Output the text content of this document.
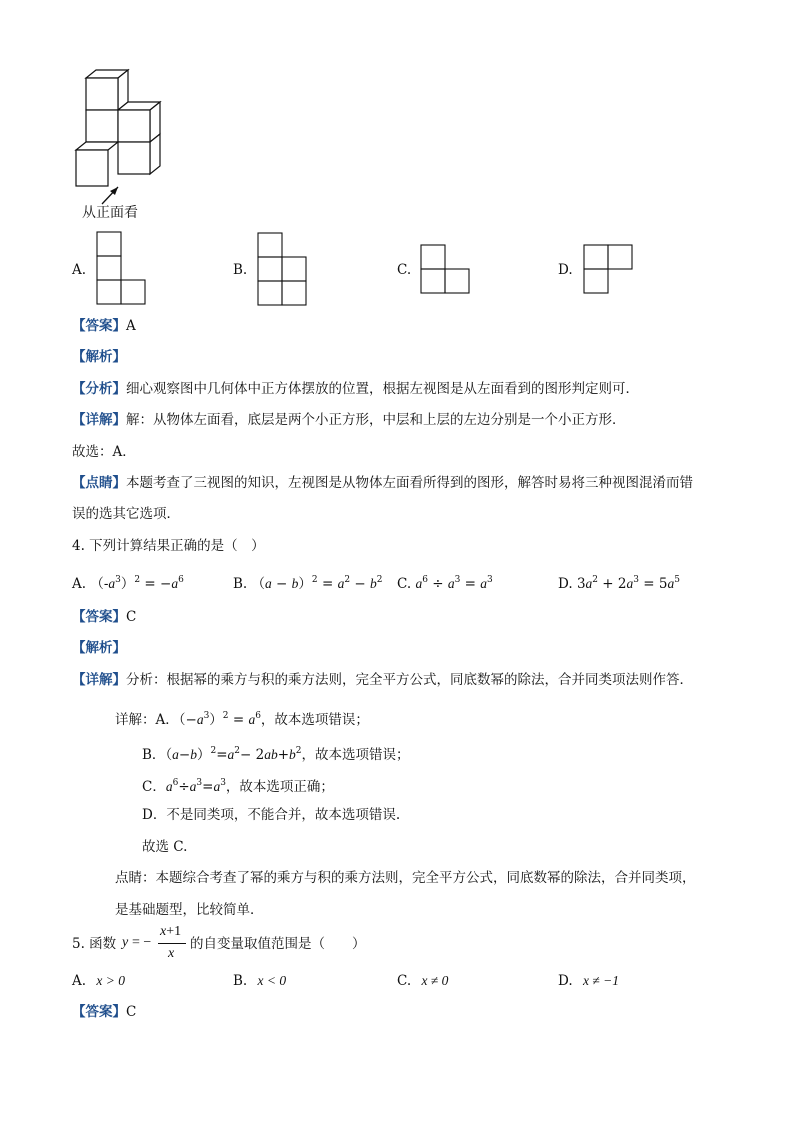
从正面看
A.	B.	C.	D.
【答案】A
【解析】
【分析】细心观察图中几何体中正方体摆放的位置，根据左视图是从左面看到的图形判定则可．
【详解】解：从物体左面看，底层是两个小正方形，中层和上层的左边分别是一个小正方形．
故选：A．
【点睛】本题考查了三视图的知识，左视图是从物体左面看所得到的图形，解答时易将三种视图混淆而错
误的选其它选项．
4. 下列计算结果正确的是（　）
A. $(-a^3)^2 = -a^6$	B. $(a - b)^2 = a^2 - b^2$ C. $a^6 \div a^3 = a^3$	D. $3a^2 + 2a^3 = 5a^5$
【答案】C
【解析】
【详解】分析：根据幂的乘方与积的乘方法则，完全平方公式，同底数幂的除法，合并同类项法则作答．
详解：A．$(-a^3)^2 = a^6$，故本选项错误；
B．$(a-b)^2=a^2- 2ab+b^2$，故本选项错误；
C．$a^6\div a^3=a^3$，故本选项正确；
D．不是同类项，不能合并，故本选项错误.
故选 C.
点睛：本题综合考查了幂的乘方与积的乘方法则，完全平方公式，同底数幂的除法，合并同类项，
是基础题型，比较简单．
5. 函数 y = −
x+1
x
的自变量取值范围是（　　）
A. x > 0	B. x < 0	C. x ≠ 0	D. x ≠ −1
【答案】C
